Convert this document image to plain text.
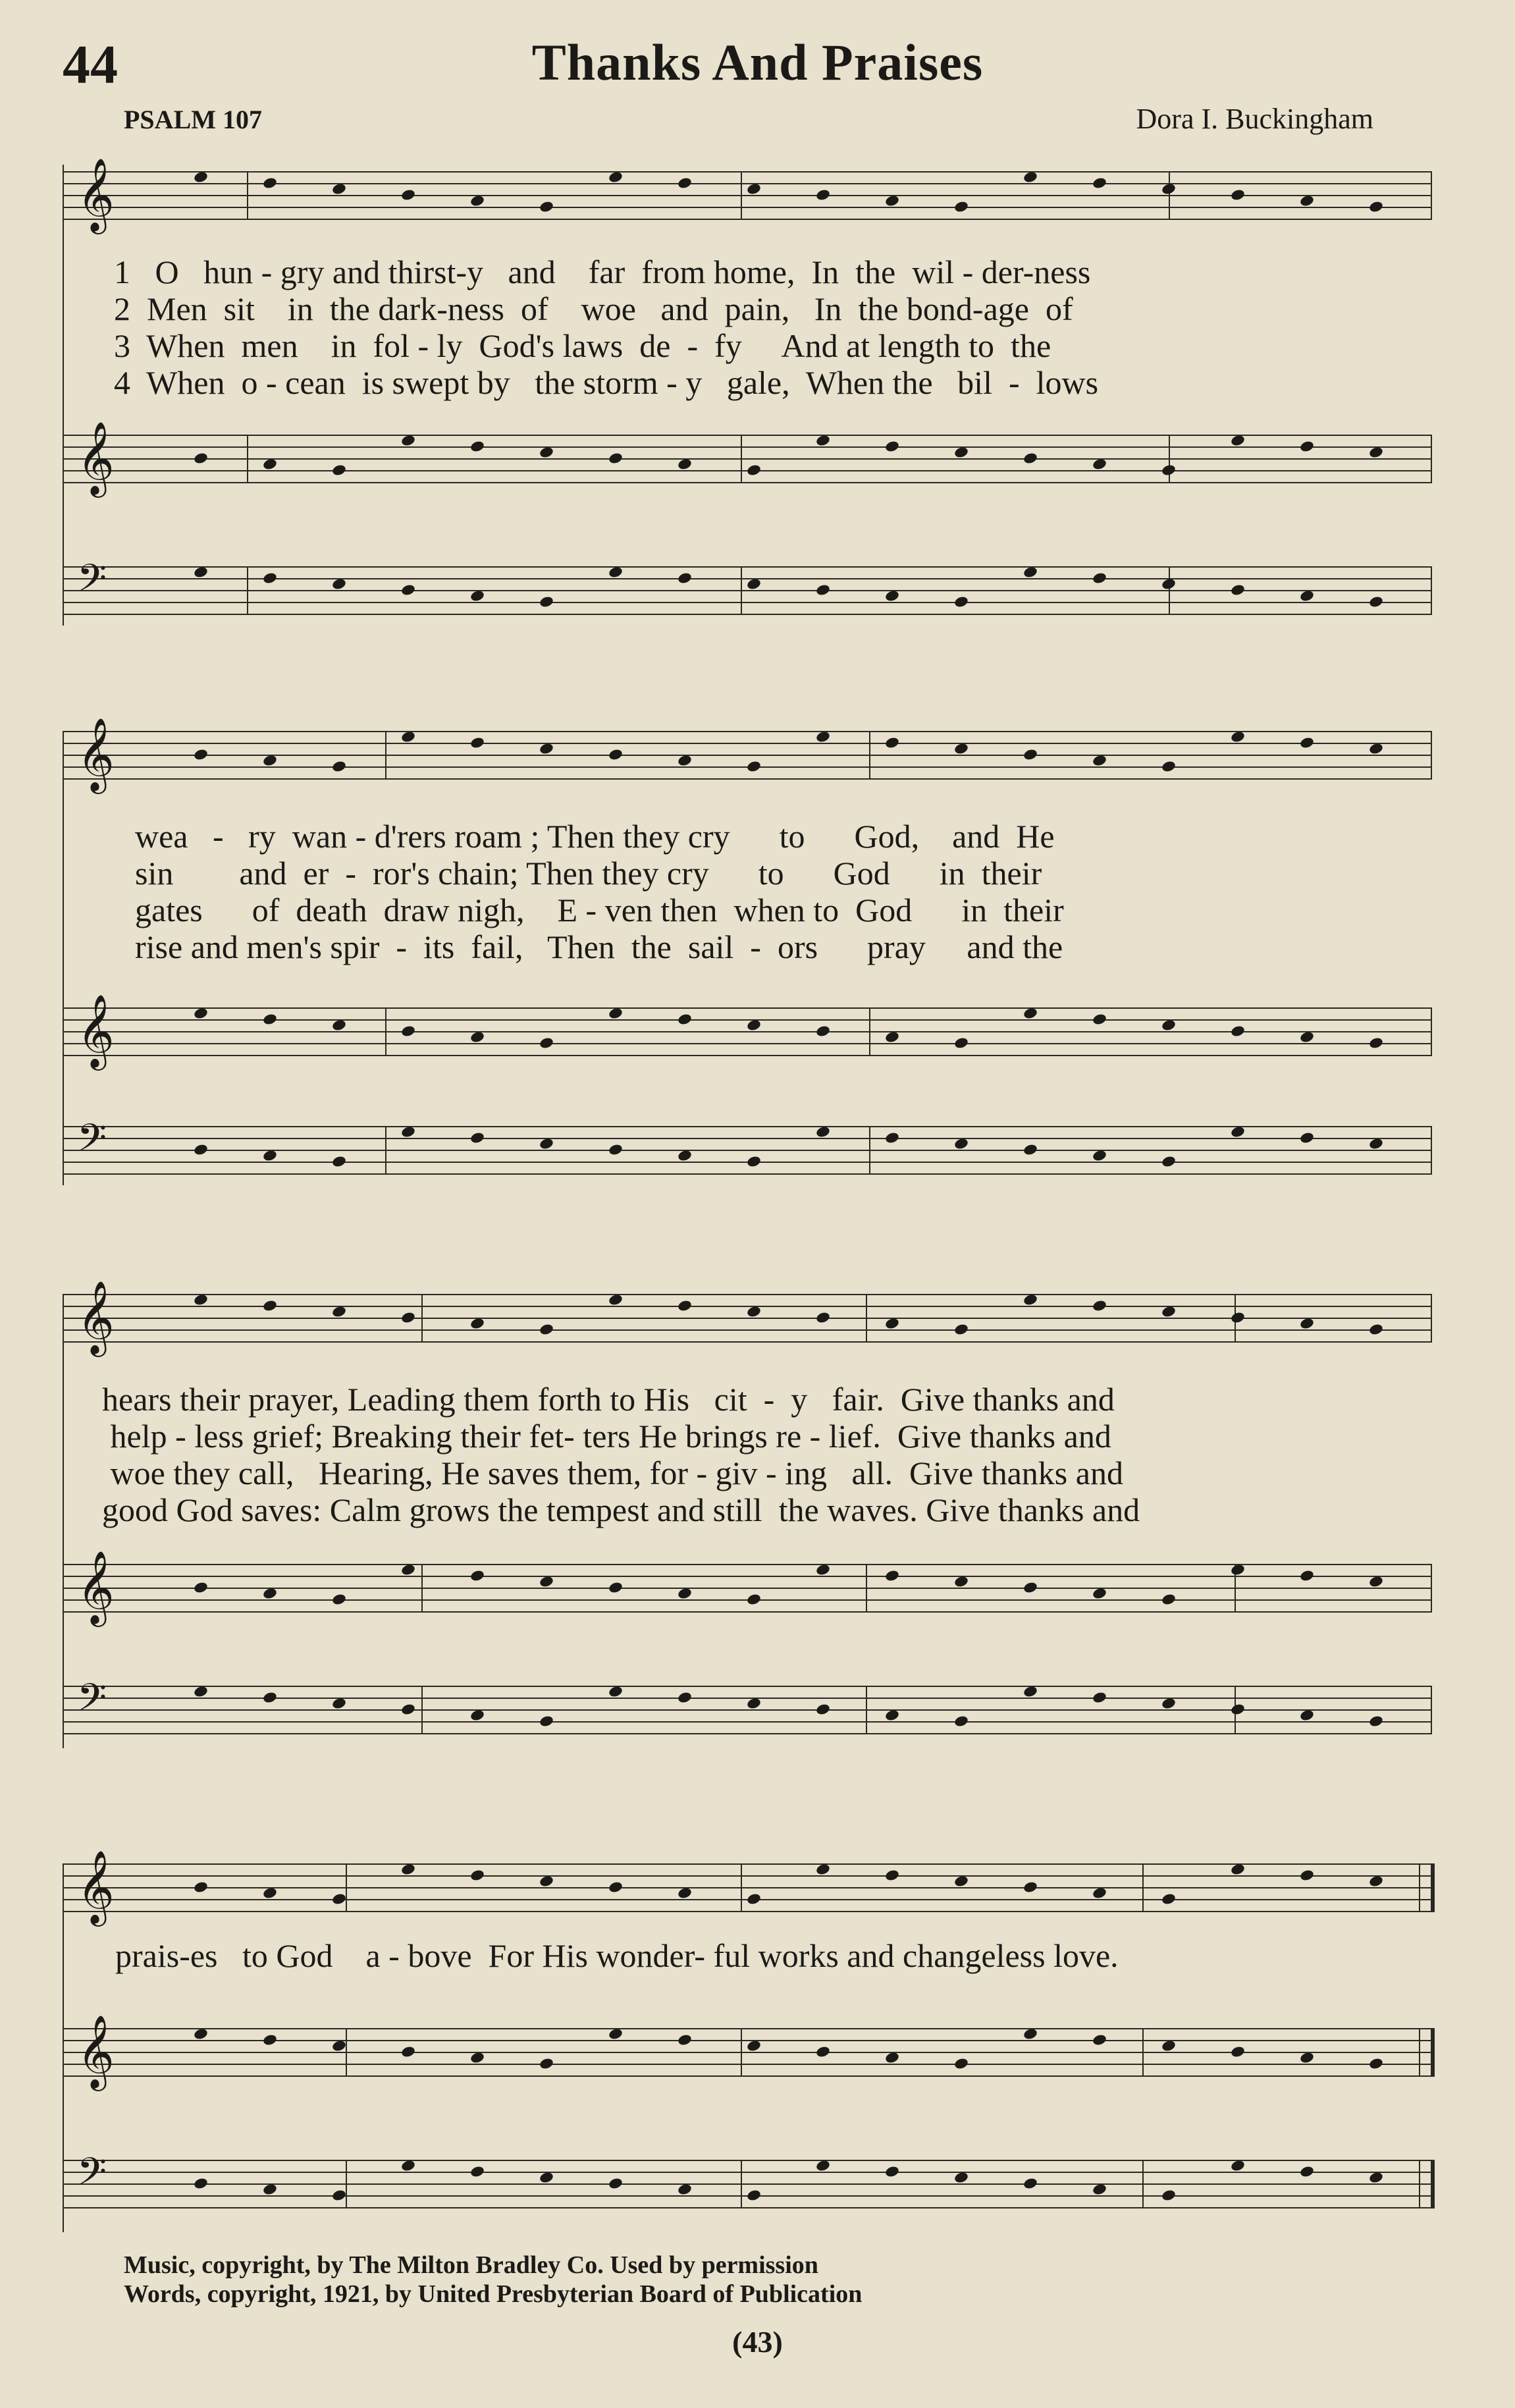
44	Thanks And Praises
PSALM 107	Dora I. Buckingham
𝄞
1   O   hun - gry and thirst-y   and    far  from home,  In  the  wil - der-ness
2  Men  sit    in  the dark-ness  of    woe   and  pain,   In  the bond-age  of
3  When  men    in  fol - ly  God's laws  de  -  fy     And at length to  the
4  When  o - cean  is swept by   the storm - y   gale,  When the   bil  -  lows
𝄞
𝄢
𝄞
wea   -   ry  wan - d'rers roam ; Then they cry      to      God,    and  He
sin        and  er  -  ror's chain; Then they cry      to      God      in  their
gates      of  death  draw nigh,    E - ven then  when to  God      in  their
rise and men's spir  -  its  fail,   Then  the  sail  -  ors      pray     and the
𝄞
𝄢
𝄞
hears their prayer, Leading them forth to His   cit  -  y   fair.  Give thanks and
help - less grief; Breaking their fet- ters He brings re - lief.  Give thanks and
woe they call,   Hearing, He saves them, for - giv - ing   all.  Give thanks and
good God saves: Calm grows the tempest and still  the waves. Give thanks and
𝄞
𝄢
𝄞
prais-es   to God    a - bove  For His wonder- ful works and changeless love.
𝄞
𝄢
Music, copyright, by The Milton Bradley Co. Used by permission
Words, copyright, 1921, by United Presbyterian Board of Publication
(43)
